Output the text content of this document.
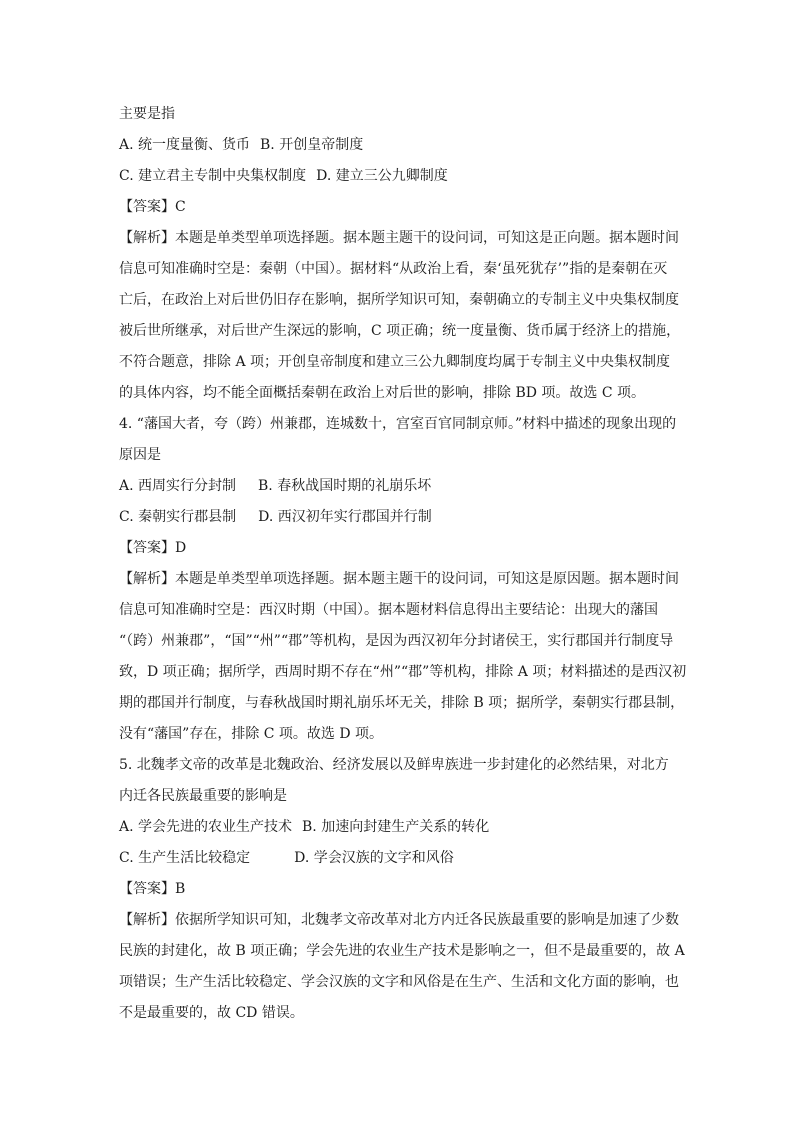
主要是指
A. 统一度量衡、货币 B. 开创皇帝制度
C. 建立君主专制中央集权制度 D. 建立三公九卿制度
【答案】C
【解析】本题是单类型单项选择题。据本题主题干的设问词，可知这是正向题。据本题时间
信息可知准确时空是：秦朝（中国）。据材料“从政治上看，秦‘虽死犹存’”指的是秦朝在灭
亡后，在政治上对后世仍旧存在影响，据所学知识可知，秦朝确立的专制主义中央集权制度
被后世所继承，对后世产生深远的影响，C 项正确；统一度量衡、货币属于经济上的措施，
不符合题意，排除 A 项；开创皇帝制度和建立三公九卿制度均属于专制主义中央集权制度
的具体内容，均不能全面概括秦朝在政治上对后世的影响，排除 BD 项。故选 C 项。
4. “藩国大者，夸（跨）州兼郡，连城数十，宫室百官同制京师。”材料中描述的现象出现的
原因是
A. 西周实行分封制 B. 春秋战国时期的礼崩乐坏
C. 秦朝实行郡县制 D. 西汉初年实行郡国并行制
【答案】D
【解析】本题是单类型单项选择题。据本题主题干的设问词，可知这是原因题。据本题时间
信息可知准确时空是：西汉时期（中国）。据本题材料信息得出主要结论：出现大的藩国
“（跨）州兼郡”，“国”“州”“郡”等机构，是因为西汉初年分封诸侯王，实行郡国并行制度导
致，D 项正确；据所学，西周时期不存在“州”“郡”等机构，排除 A 项；材料描述的是西汉初
期的郡国并行制度，与春秋战国时期礼崩乐坏无关，排除 B 项；据所学，秦朝实行郡县制，
没有“藩国”存在，排除 C 项。故选 D 项。
5. 北魏孝文帝的改革是北魏政治、经济发展以及鲜卑族进一步封建化的必然结果，对北方
内迁各民族最重要的影响是
A. 学会先进的农业生产技术 B. 加速向封建生产关系的转化
C. 生产生活比较稳定	D. 学会汉族的文字和风俗
【答案】B
【解析】依据所学知识可知，北魏孝文帝改革对北方内迁各民族最重要的影响是加速了少数
民族的封建化，故 B 项正确；学会先进的农业生产技术是影响之一，但不是最重要的，故 A
项错误；生产生活比较稳定、学会汉族的文字和风俗是在生产、生活和文化方面的影响，也
不是最重要的，故 CD 错误。
